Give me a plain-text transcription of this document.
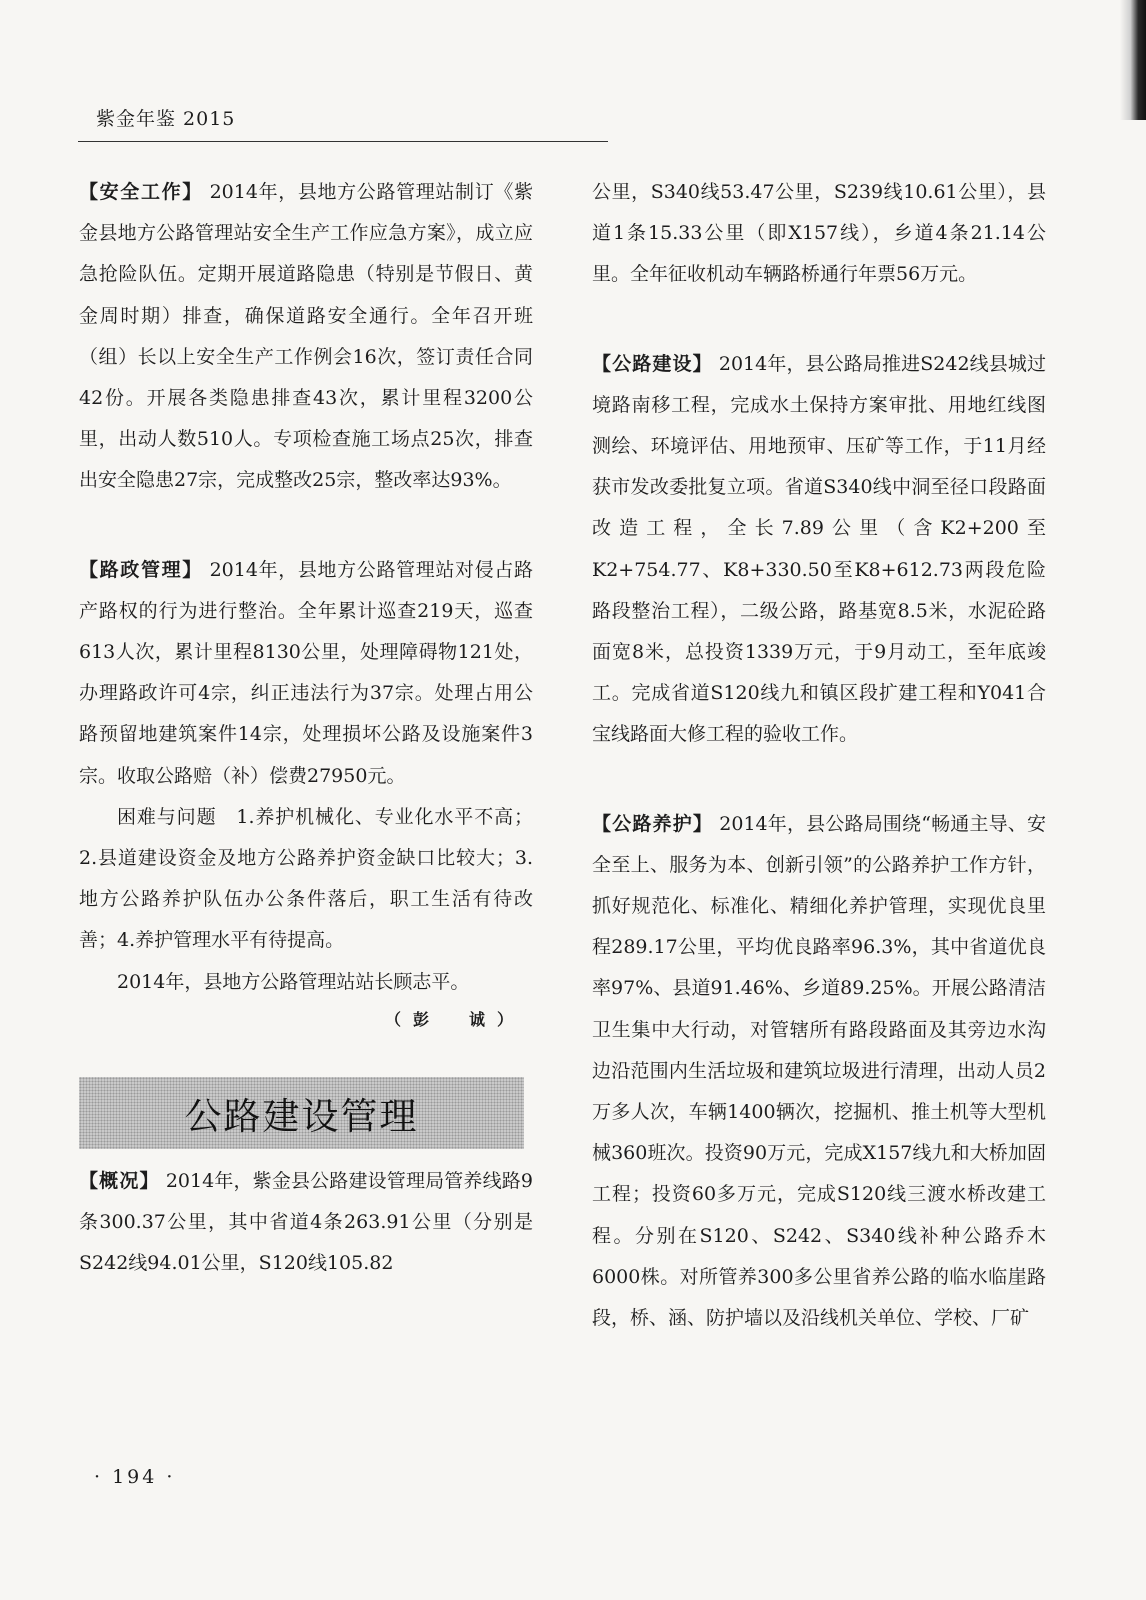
紫金年鉴 2015

【安全工作】 2014年，县地方公路管理站制订《紫金县地方公路管理站安全生产工作应急方案》，成立应急抢险队伍。定期开展道路隐患（特别是节假日、黄金周时期）排查，确保道路安全通行。全年召开班（组）长以上安全生产工作例会16次，签订责任合同42份。开展各类隐患排查43次，累计里程3200公里，出动人数510人。专项检查施工场点25次，排查出安全隐患27宗，完成整改25宗，整改率达93%。

【路政管理】 2014年，县地方公路管理站对侵占路产路权的行为进行整治。全年累计巡查219天，巡查613人次，累计里程8130公里，处理障碍物121处，办理路政许可4宗，纠正违法行为37宗。处理占用公路预留地建筑案件14宗，处理损坏公路及设施案件3宗。收取公路赔（补）偿费27950元。

困难与问题　1.养护机械化、专业化水平不高；2.县道建设资金及地方公路养护资金缺口比较大；3.地方公路养护队伍办公条件落后，职工生活有待改善；4.养护管理水平有待提高。

2014年，县地方公路管理站站长顾志平。

（彭　诚）
公路建设管理

【概况】 2014年，紫金县公路建设管理局管养线路9条300.37公里，其中省道4条263.91公里（分别是S242线94.01公里，S120线105.82

公里，S340线53.47公里，S239线10.61公里），县道1条15.33公里（即X157线），乡道4条21.14公里。全年征收机动车辆路桥通行年票56万元。

【公路建设】 2014年，县公路局推进S242线县城过境路南移工程，完成水土保持方案审批、用地红线图测绘、环境评估、用地预审、压矿等工作，于11月经获市发改委批复立项。省道S340线中洞至径口段路面改造工程，全长7.89公里（含K2+200至K2+754.77、K8+330.50至K8+612.73两段危险路段整治工程），二级公路，路基宽8.5米，水泥砼路面宽8米，总投资1339万元，于9月动工，至年底竣工。完成省道S120线九和镇区段扩建工程和Y041合宝线路面大修工程的验收工作。

【公路养护】 2014年，县公路局围绕“畅通主导、安全至上、服务为本、创新引领”的公路养护工作方针，抓好规范化、标准化、精细化养护管理，实现优良里程289.17公里，平均优良路率96.3%，其中省道优良率97%、县道91.46%、乡道89.25%。开展公路清洁卫生集中大行动，对管辖所有路段路面及其旁边水沟边沿范围内生活垃圾和建筑垃圾进行清理，出动人员2万多人次，车辆1400辆次，挖掘机、推土机等大型机械360班次。投资90万元，完成X157线九和大桥加固工程；投资60多万元，完成S120线三渡水桥改建工程。分别在S120、S242、S340线补种公路乔木6000株。对所管养300多公里省养公路的临水临崖路段，桥、涵、防护墙以及沿线机关单位、学校、厂矿

· 194 ·
